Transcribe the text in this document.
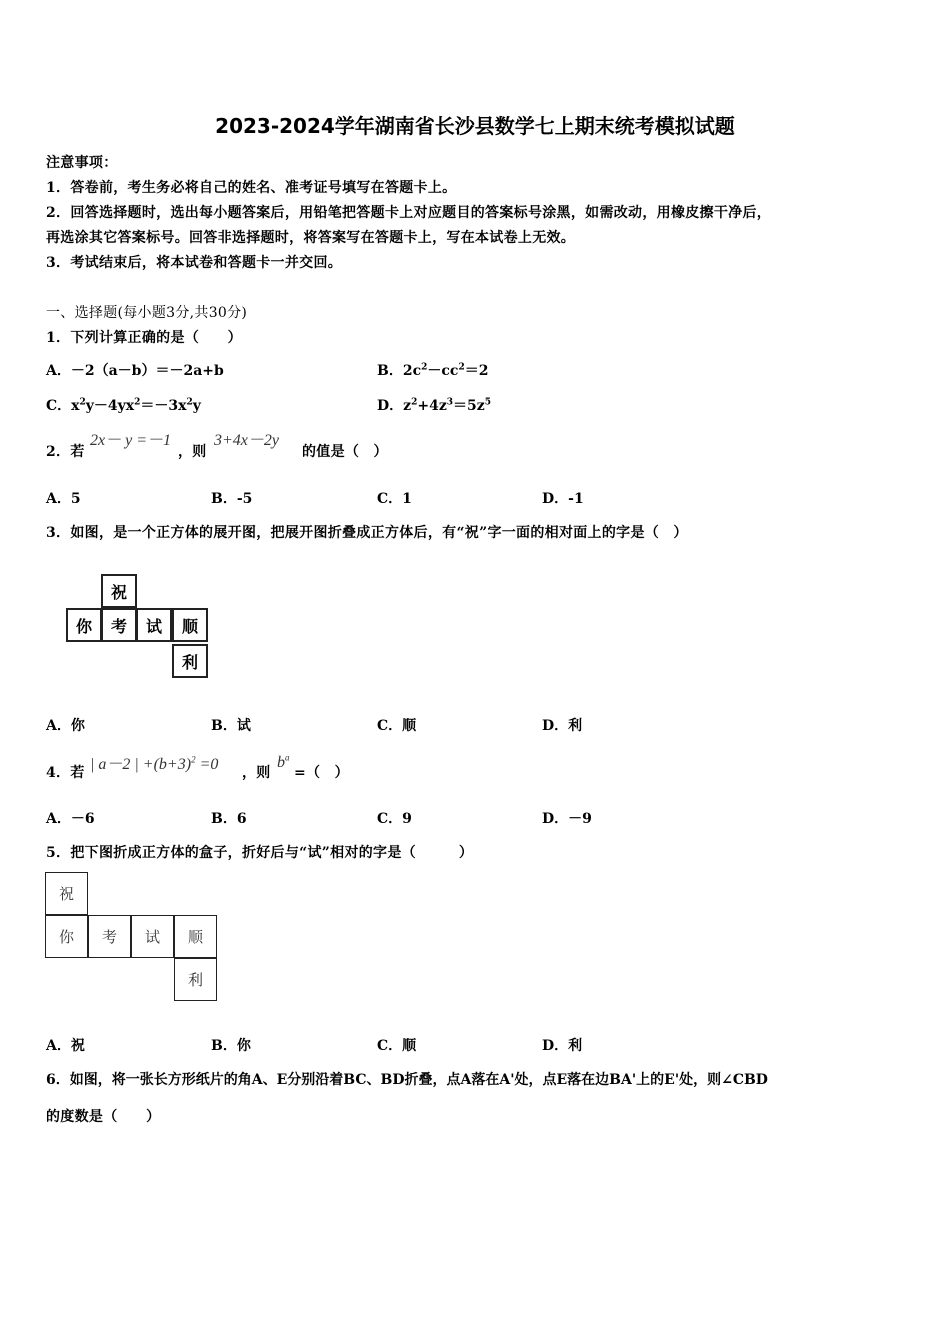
2023-2024学年湖南省长沙县数学七上期末统考模拟试题
注意事项：
1．答卷前，考生务必将自己的姓名、准考证号填写在答题卡上。
2．回答选择题时，选出每小题答案后，用铅笔把答题卡上对应题目的答案标号涂黑，如需改动，用橡皮擦干净后，
再选涂其它答案标号。回答非选择题时，将答案写在答题卡上，写在本试卷上无效。
3．考试结束后，将本试卷和答题卡一并交回。
一、选择题(每小题3分,共30分)
1．下列计算正确的是（　　）
A．－2（a－b）＝－2a+b	B．$2c^2-cc^2=2$
C．$x^2y-4yx^2=-3x^2y$	D．$z^2+4z^3=5z^5$
2．若
2x－ y =－1
，则
3+4x－2y
的值是（　）
A．5	B．-5	C．1	D．-1
3．如图，是一个正方体的展开图，把展开图折叠成正方体后，有“祝”字一面的相对面上的字是（　）
祝
你	考	试	顺
利
A．你	B．试	C．顺	D．利
4．若 | a－2 | $+(b+3)^2 =0$ ，则
$b^a$
=（　）
A．－6	B．6	C．9	D．－9
5．把下图折成正方体的盒子，折好后与“试”相对的字是（　　　）
祝
你	考	试	顺
利
A．祝	B．你	C．顺	D．利
6．如图，将一张长方形纸片的角A、E分别沿着BC、BD折叠，点A落在A'处，点E落在边BA'上的E'处，则∠CBD
的度数是（　　）
